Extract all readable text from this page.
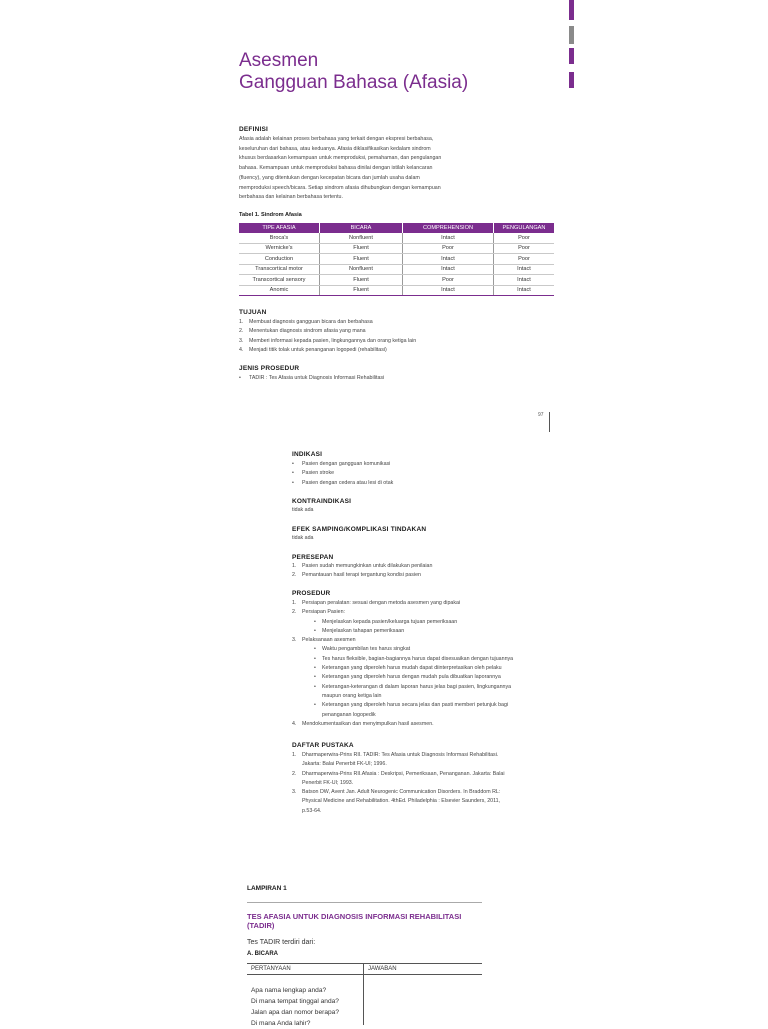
Asesmen
Gangguan Bahasa (Afasia)
DEFINISI

Afasia adalah kelainan proses berbahasa yang terkait dengan ekspresi berbahasa,
keseluruhan dari bahasa, atau keduanya. Afasia diklasifikasikan kedalam sindrom
khusus berdasarkan kemampuan untuk memproduksi, pemahaman, dan pengulangan
bahasa. Kemampuan untuk memproduksi bahasa dinilai dengan istilah kelancaran
(fluency), yang ditentukan dengan kecepatan bicara dan jumlah usaha dalam
memproduksi speech/bicara. Setiap sindrom afasia dihubungkan dengan kemampuan
berbahasa dan kelainan berbahasa tertentu.

Tabel 1. Sindrom Afasia
TIPE AFASIA	BICARA	COMPREHENSION	PENGULANGAN
Broca's	Nonfluent	Intact	Poor
Wernicke's	Fluent	Poor	Poor
Conduction	Fluent	Intact	Poor
Transcortical motor	Nonfluent	Intact	Intact
Transcortical sensory	Fluent	Poor	Intact
Anomic	Fluent	Intact	Intact
TUJUAN
1. Membuat diagnosis gangguan bicara dan berbahasa
2. Menentukan diagnosis sindrom afasia yang mana
3. Memberi informasi kepada pasien, lingkungannya dan orang ketiga lain
4. Menjadi titik tolak untuk penanganan logopedi (rehabilitasi)
JENIS PROSEDUR
• TADIR : Tes Afasia untuk Diagnosis Informasi Rehabilitasi
97
INDIKASI
• Pasien dengan gangguan komunikasi
• Pasien stroke
• Pasien dengan cedera atau lesi di otak
KONTRAINDIKASI

tidak ada

EFEK SAMPING/KOMPLIKASI TINDAKAN

tidak ada

PERESEPAN
1. Pasien sudah memungkinkan untuk dilakukan penilaian
2. Pemantauan hasil terapi tergantung kondisi pasien
PROSEDUR
1. Persiapan peralatan: sesuai dengan metoda asesmen yang dipakai
2. Persiapan Pasien:
• Menjelaskan kepada pasien/keluarga tujuan pemeriksaan
• Menjelaskan tahapan pemeriksaan
3. Pelaksanaan asesmen
• Waktu pengambilan tes harus singkat
• Tes harus fleksible, bagian-bagiannya harus dapat disesuaikan dengan tujuannya
• Keterangan yang diperoleh harus mudah dapat diinterpretasikan oleh pelaku
• Keterangan yang diperoleh harus dengan mudah pula dibuatkan laporannya
• Keterangan-keterangan di dalam laporan harus jelas bagi pasien, lingkungannya
maupun orang ketiga lain
• Keterangan yang diperoleh harus secara jelas dan pasti memberi petunjuk bagi
penanganan logopedik
4. Mendokumentasikan dan menyimpulkan hasil asesmen.
DAFTAR PUSTAKA
1. Dharmaperwira-Prins RII. TADIR: Tes Afasia untuk Diagnosis Informasi Rehabilitasi.
Jakarta: Balai Penerbit FK-UI; 1996.
2. Dharmaperwira-Prins RII.Afasia : Deskripsi, Pemeriksaan, Penanganan. Jakarta: Balai
Penerbit FK-UI; 1993.
3. Batson DW, Avent Jan. Adult Neurogenic Communication Disorders. In Braddom RL:
Physical Medicine and Rehabilitation. 4thEd. Philadelphia : Elsevier Saunders, 2011,
p.53-64.
LAMPIRAN 1
TES AFASIA UNTUK DIAGNOSIS INFORMASI REHABILITASI
(TADIR)
Tes TADIR terdiri dari:
A. BICARA
PERTANYAAN	JAWABAN
Apa nama lengkap anda?
Di mana tempat tinggal anda?
Jalan apa dan nomor berapa?
Di mana Anda lahir?
